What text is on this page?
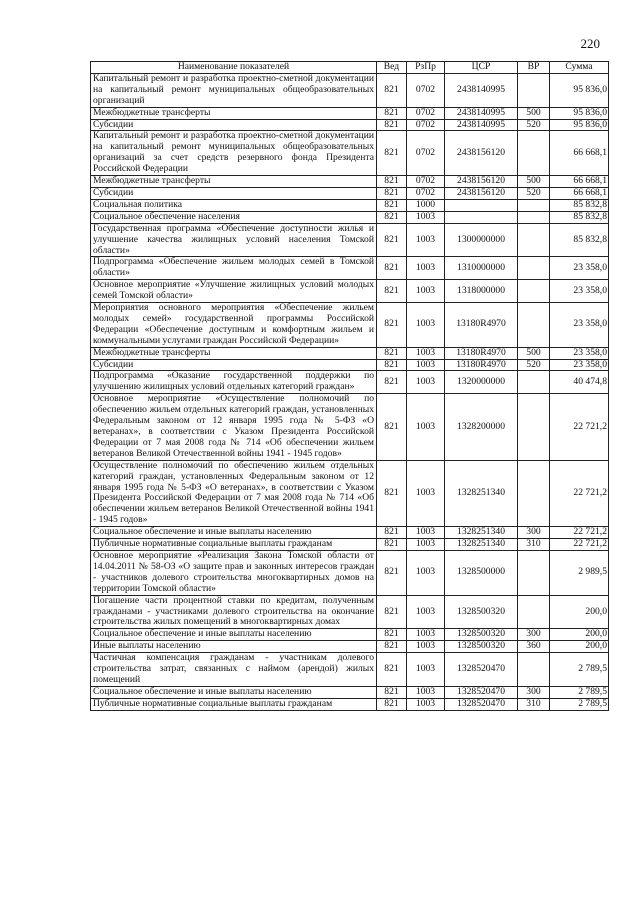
220
Наименование показателей	Вед	РзПр	ЦСР	ВР	Сумма
Капитальный ремонт и разработка проектно-сметной документации на капитальный ремонт муниципальных общеобразовательных организаций	821	0702	2438140995		95 836,0
Межбюджетные трансферты	821	0702	2438140995	500	95 836,0
Субсидии	821	0702	2438140995	520	95 836,0
Капитальный ремонт и разработка проектно-сметной документации на капитальный ремонт муниципальных общеобразовательных организаций за счет средств резервного фонда Президента Российской Федерации	821	0702	2438156120		66 668,1
Межбюджетные трансферты	821	0702	2438156120	500	66 668,1
Субсидии	821	0702	2438156120	520	66 668,1
Социальная политика	821	1000			85 832,8
Социальное обеспечение населения	821	1003			85 832,8
Государственная программа «Обеспечение доступности жилья и улучшение качества жилищных условий населения Томской области»	821	1003	1300000000		85 832,8
Подпрограмма «Обеспечение жильем молодых семей в Томской области»	821	1003	1310000000		23 358,0
Основное мероприятие «Улучшение жилищных условий молодых семей Томской области»	821	1003	1318000000		23 358,0
Мероприятия основного мероприятия «Обеспечение жильем молодых семей» государственной программы Российской Федерации «Обеспечение доступным и комфортным жильем и коммунальными услугами граждан Российской Федерации»	821	1003	13180R4970		23 358,0
Межбюджетные трансферты	821	1003	13180R4970	500	23 358,0
Субсидии	821	1003	13180R4970	520	23 358,0
Подпрограмма «Оказание государственной поддержки по улучшению жилищных условий отдельных категорий граждан»	821	1003	1320000000		40 474,8
Основное мероприятие «Осуществление полномочий по обеспечению жильем отдельных категорий граждан, установленных Федеральным законом от 12 января 1995 года № 5-ФЗ «О ветеранах», в соответствии с Указом Президента Российской Федерации от 7 мая 2008 года № 714 «Об обеспечении жильем ветеранов Великой Отечественной войны 1941 - 1945 годов»	821	1003	1328200000		22 721,2
Осуществление полномочий по обеспечению жильем отдельных категорий граждан, установленных Федеральным законом от 12 января 1995 года № 5-ФЗ «О ветеранах», в соответствии с Указом Президента Российской Федерации от 7 мая 2008 года № 714 «Об обеспечении жильем ветеранов Великой Отечественной войны 1941 - 1945 годов»	821	1003	1328251340		22 721,2
Социальное обеспечение и иные выплаты населению	821	1003	1328251340	300	22 721,2
Публичные нормативные социальные выплаты гражданам	821	1003	1328251340	310	22 721,2
Основное мероприятие «Реализация Закона Томской области от 14.04.2011 № 58-ОЗ «О защите прав и законных интересов граждан - участников долевого строительства многоквартирных домов на территории Томской области»	821	1003	1328500000		2 989,5
Погашение части процентной ставки по кредитам, полученным гражданами - участниками долевого строительства на окончание строительства жилых помещений в многоквартирных домах	821	1003	1328500320		200,0
Социальное обеспечение и иные выплаты населению	821	1003	1328500320	300	200,0
Иные выплаты населению	821	1003	1328500320	360	200,0
Частичная компенсация гражданам - участникам долевого строительства затрат, связанных с наймом (арендой) жилых помещений	821	1003	1328520470		2 789,5
Социальное обеспечение и иные выплаты населению	821	1003	1328520470	300	2 789,5
Публичные нормативные социальные выплаты гражданам	821	1003	1328520470	310	2 789,5
